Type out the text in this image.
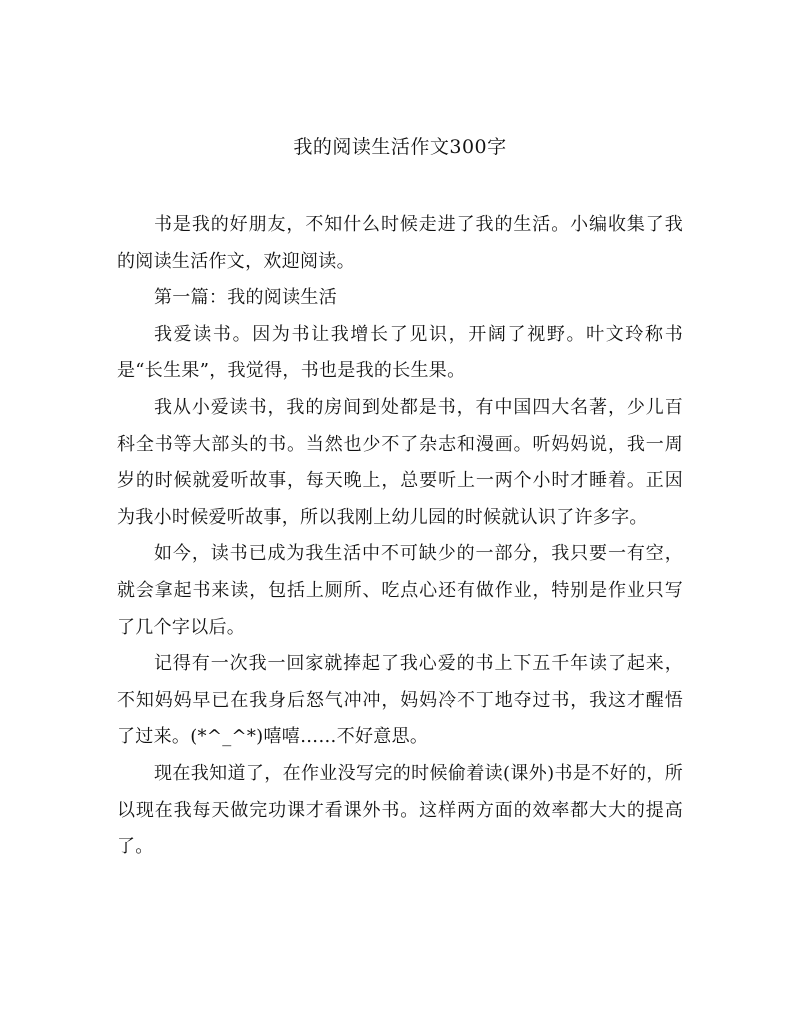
我的阅读生活作文300字

书是我的好朋友，不知什么时候走进了我的生活。小编收集了我的阅读生活作文，欢迎阅读。

第一篇：我的阅读生活

我爱读书。因为书让我增长了见识，开阔了视野。叶文玲称书是“长生果”，我觉得，书也是我的长生果。

我从小爱读书，我的房间到处都是书，有中国四大名著，少儿百科全书等大部头的书。当然也少不了杂志和漫画。听妈妈说，我一周岁的时候就爱听故事，每天晚上，总要听上一两个小时才睡着。正因为我小时候爱听故事，所以我刚上幼儿园的时候就认识了许多字。

如今，读书已成为我生活中不可缺少的一部分，我只要一有空，就会拿起书来读，包括上厕所、吃点心还有做作业，特别是作业只写了几个字以后。

记得有一次我一回家就捧起了我心爱的书上下五千年读了起来，不知妈妈早已在我身后怒气冲冲，妈妈冷不丁地夺过书，我这才醒悟了过来。(*^_^*)嘻嘻……不好意思。

现在我知道了，在作业没写完的时候偷着读(课外)书是不好的，所以现在我每天做完功课才看课外书。这样两方面的效率都大大的提高了。
